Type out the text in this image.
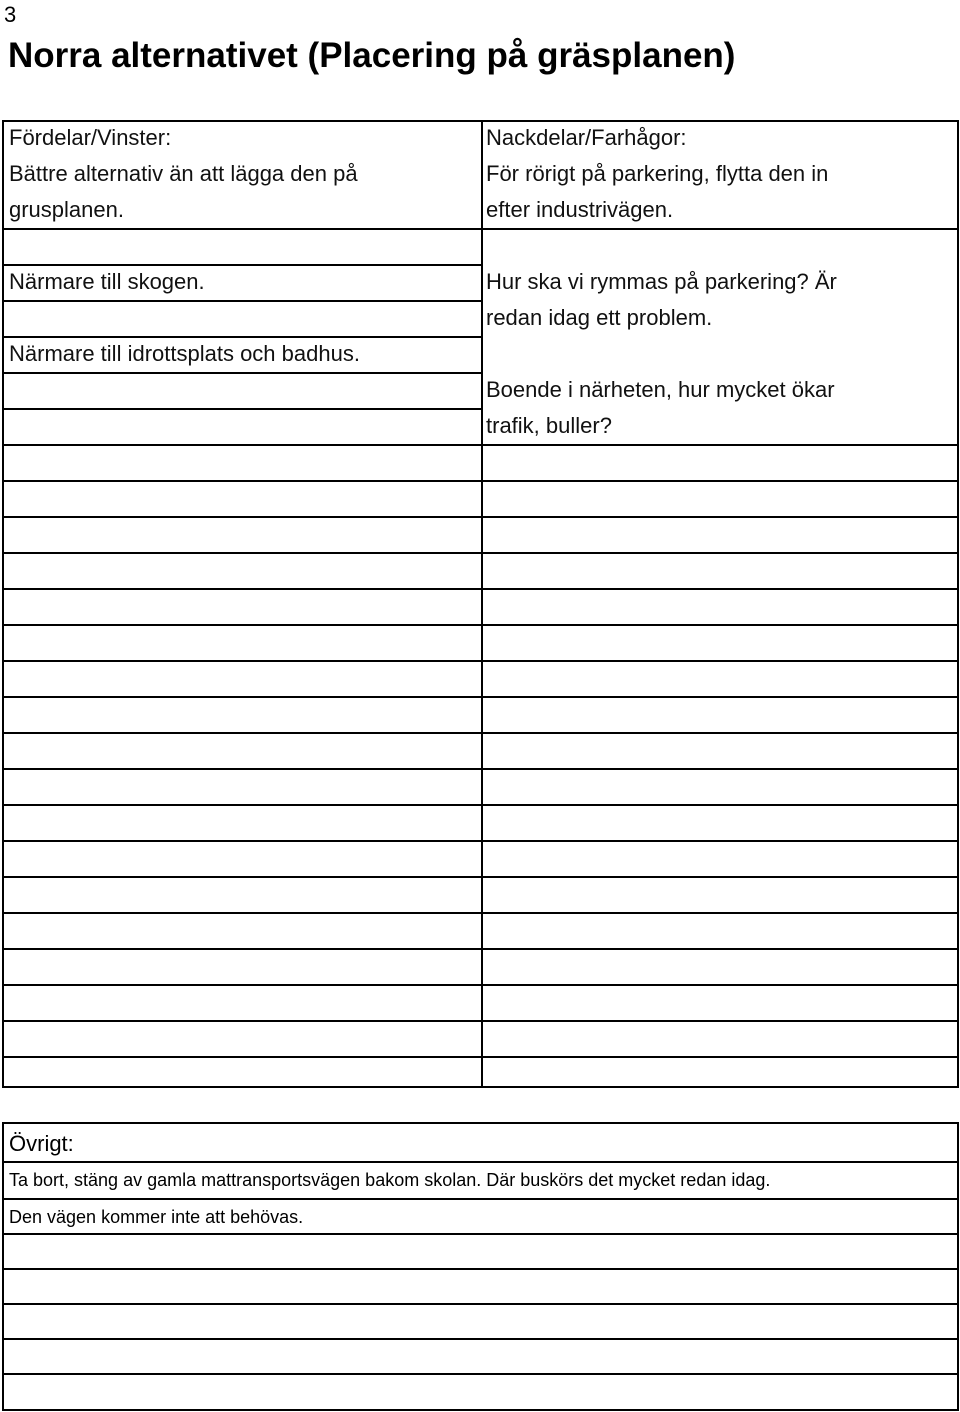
3
Norra alternativet (Placering på gräsplanen)
Fördelar/Vinster:
Bättre alternativ än att lägga den på
grusplanen.
Närmare till skogen.
Närmare till idrottsplats och badhus.
Nackdelar/Farhågor:
För rörigt på parkering, flytta den in
efter industrivägen.
Hur ska vi rymmas på parkering? Är
redan idag ett problem.
Boende i närheten, hur mycket ökar
trafik, buller?
Övrigt:
Ta bort, stäng av gamla mattransportsvägen bakom skolan. Där buskörs det mycket redan idag.
Den vägen kommer inte att behövas.
